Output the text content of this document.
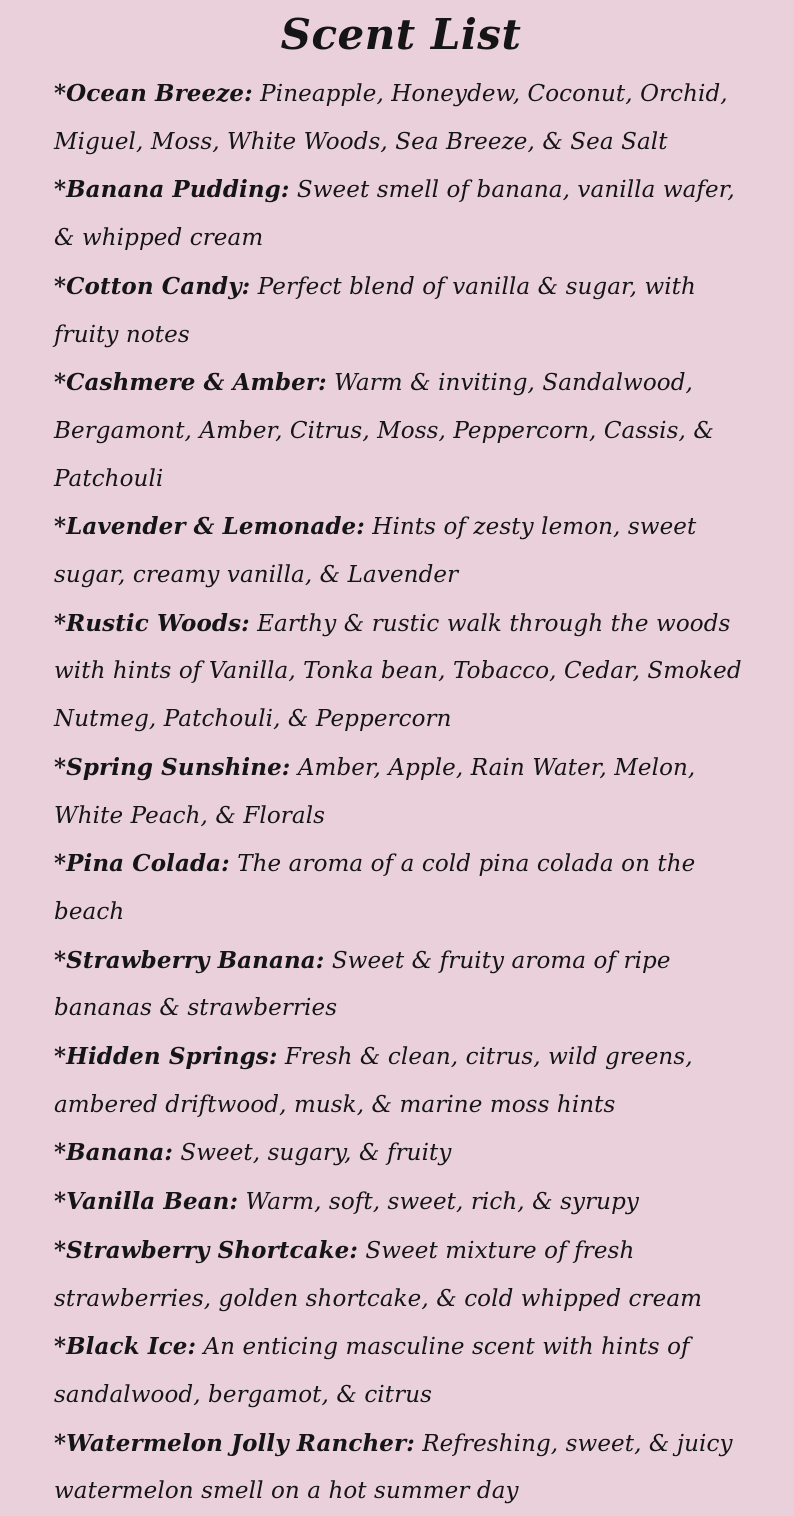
Scent List
*Ocean Breeze: Pineapple, Honeydew, Coconut, Orchid, Miguel, Moss, White Woods, Sea Breeze, & Sea Salt
*Banana Pudding: Sweet smell of banana, vanilla wafer, & whipped cream
*Cotton Candy: Perfect blend of vanilla & sugar, with fruity notes
*Cashmere & Amber: Warm & inviting, Sandalwood, Bergamont, Amber, Citrus, Moss, Peppercorn, Cassis, & Patchouli
*Lavender & Lemonade: Hints of zesty lemon, sweet sugar, creamy vanilla, & Lavender
*Rustic Woods: Earthy & rustic walk through the woods with hints of Vanilla, Tonka bean, Tobacco, Cedar, Smoked Nutmeg, Patchouli, & Peppercorn
*Spring Sunshine: Amber, Apple, Rain Water, Melon, White Peach, & Florals
*Pina Colada: The aroma of a cold pina colada on the beach
*Strawberry Banana: Sweet & fruity aroma of ripe bananas & strawberries
*Hidden Springs: Fresh & clean, citrus, wild greens, ambered driftwood, musk, & marine moss hints
*Banana: Sweet, sugary, & fruity
*Vanilla Bean: Warm, soft, sweet, rich, & syrupy
*Strawberry Shortcake: Sweet mixture of fresh strawberries, golden shortcake, & cold whipped cream
*Black Ice: An enticing masculine scent with hints of sandalwood, bergamot, & citrus
*Watermelon Jolly Rancher: Refreshing, sweet, & juicy watermelon smell on a hot summer day
